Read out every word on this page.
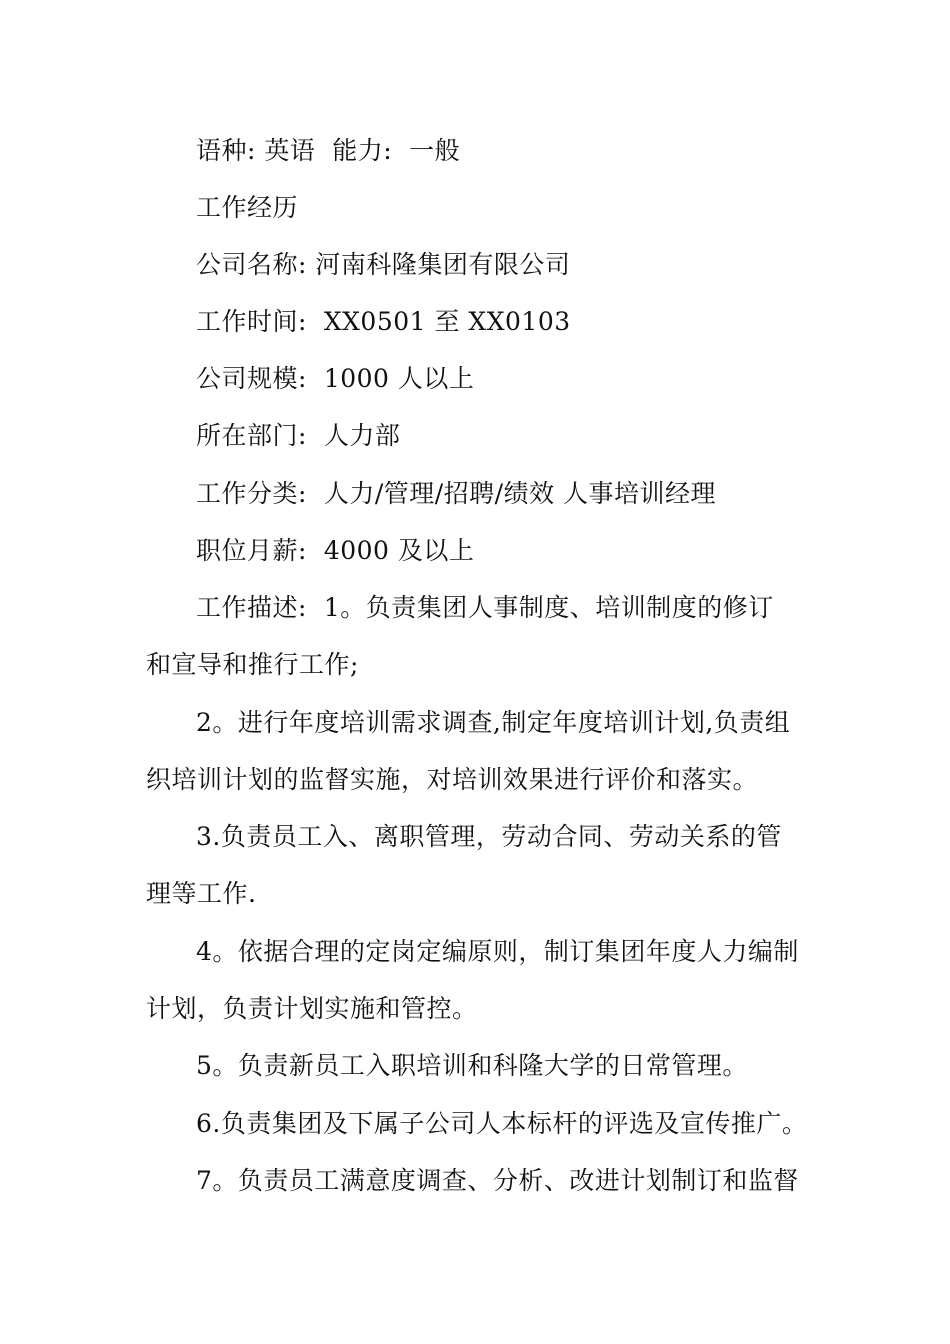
语种: 英语  能力:  一般
工作经历
公司名称: 河南科隆集团有限公司
工作时间:  XX0501 至 XX0103
公司规模:  1000 人以上
所在部门:  人力部
工作分类:  人力/管理/招聘/绩效 人事培训经理
职位月薪:  4000 及以上
工作描述:  1。负责集团人事制度、培训制度的修订
和宣导和推行工作;
2。进行年度培训需求调查,制定年度培训计划,负责组
织培训计划的监督实施，对培训效果进行评价和落实。
3.负责员工入、离职管理，劳动合同、劳动关系的管
理等工作.
4。依据合理的定岗定编原则，制订集团年度人力编制
计划，负责计划实施和管控。
5。负责新员工入职培训和科隆大学的日常管理。
6.负责集团及下属子公司人本标杆的评选及宣传推广。
7。负责员工满意度调查、分析、改进计划制订和监督
